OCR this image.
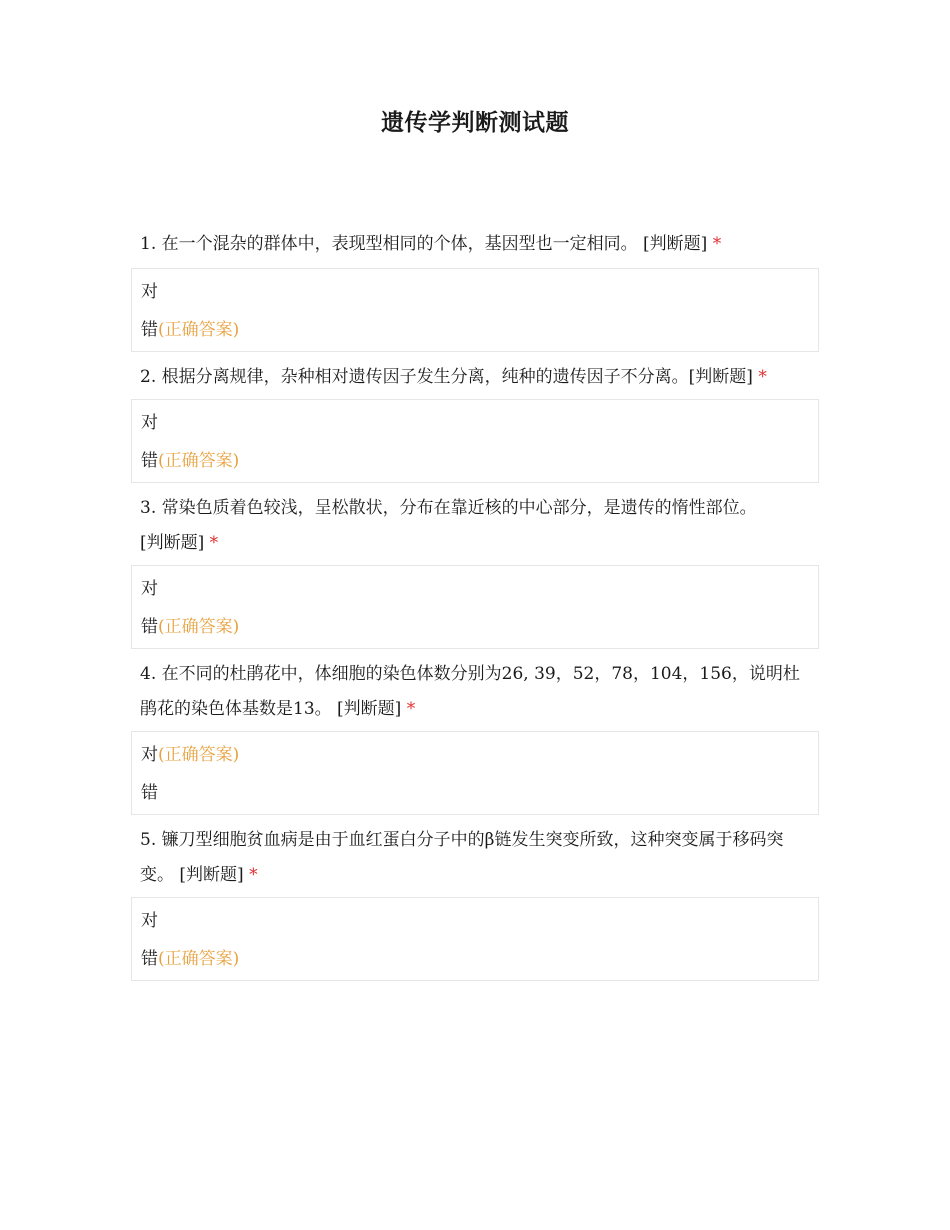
遗传学判断测试题

1. 在一个混杂的群体中，表现型相同的个体，基因型也一定相同。 [判断题] *

对
错(正确答案)

2. 根据分离规律，杂种相对遗传因子发生分离，纯种的遗传因子不分离。[判断题] *

对
错(正确答案)

3. 常染色质着色较浅，呈松散状，分布在靠近核的中心部分，是遗传的惰性部位。 [判断题] *

对
错(正确答案)

4. 在不同的杜鹃花中，体细胞的染色体数分别为26, 39，52，78，104，156，说明杜鹃花的染色体基数是13。 [判断题] *

对(正确答案)
错

5. 镰刀型细胞贫血病是由于血红蛋白分子中的β链发生突变所致，这种突变属于移码突变。 [判断题] *

对
错(正确答案)
